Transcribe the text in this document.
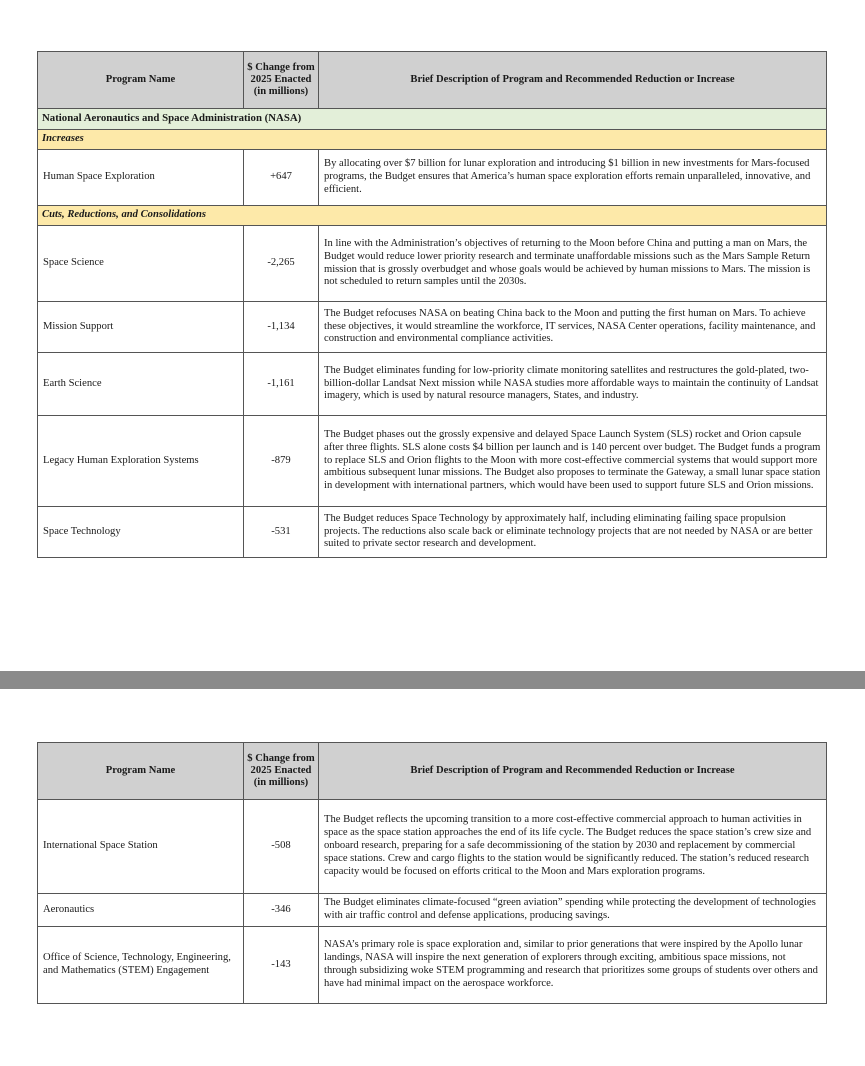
Program Name	$ Change from 2025 Enacted (in millions)	Brief Description of Program and Recommended Reduction or Increase
National Aeronautics and Space Administration (NASA)		
Increases		
Human Space Exploration	+647	By allocating over $7 billion for lunar exploration and introducing $1 billion in new investments for Mars-focused programs, the Budget ensures that America’s human space exploration efforts remain unparalleled, innovative, and efficient.
Cuts, Reductions, and Consolidations		
Space Science	-2,265	In line with the Administration’s objectives of returning to the Moon before China and putting a man on Mars, the Budget would reduce lower priority research and terminate unaffordable missions such as the Mars Sample Return mission that is grossly overbudget and whose goals would be achieved by human missions to Mars. The mission is not scheduled to return samples until the 2030s.
Mission Support	-1,134	The Budget refocuses NASA on beating China back to the Moon and putting the first human on Mars. To achieve these objectives, it would streamline the workforce, IT services, NASA Center operations, facility maintenance, and construction and environmental compliance activities.
Earth Science	-1,161	The Budget eliminates funding for low-priority climate monitoring satellites and restructures the gold-plated, two-billion-dollar Landsat Next mission while NASA studies more affordable ways to maintain the continuity of Landsat imagery, which is used by natural resource managers, States, and industry.
Legacy Human Exploration Systems	-879	The Budget phases out the grossly expensive and delayed Space Launch System (SLS) rocket and Orion capsule after three flights. SLS alone costs $4 billion per launch and is 140 percent over budget. The Budget funds a program to replace SLS and Orion flights to the Moon with more cost-effective commercial systems that would support more ambitious subsequent lunar missions. The Budget also proposes to terminate the Gateway, a small lunar space station in development with international partners, which would have been used to support future SLS and Orion missions.
Space Technology	-531	The Budget reduces Space Technology by approximately half, including eliminating failing space propulsion projects. The reductions also scale back or eliminate technology projects that are not needed by NASA or are better suited to private sector research and development.
Program Name	$ Change from 2025 Enacted (in millions)	Brief Description of Program and Recommended Reduction or Increase
International Space Station	-508	The Budget reflects the upcoming transition to a more cost-effective commercial approach to human activities in space as the space station approaches the end of its life cycle. The Budget reduces the space station’s crew size and onboard research, preparing for a safe decommissioning of the station by 2030 and replacement by commercial space stations. Crew and cargo flights to the station would be significantly reduced. The station’s reduced research capacity would be focused on efforts critical to the Moon and Mars exploration programs.
Aeronautics	-346	The Budget eliminates climate-focused “green aviation” spending while protecting the development of technologies with air traffic control and defense applications, producing savings.
Office of Science, Technology, Engineering, and Mathematics (STEM) Engagement	-143	NASA’s primary role is space exploration and, similar to prior generations that were inspired by the Apollo lunar landings, NASA will inspire the next generation of explorers through exciting, ambitious space missions, not through subsidizing woke STEM programming and research that prioritizes some groups of students over others and have had minimal impact on the aerospace workforce.
